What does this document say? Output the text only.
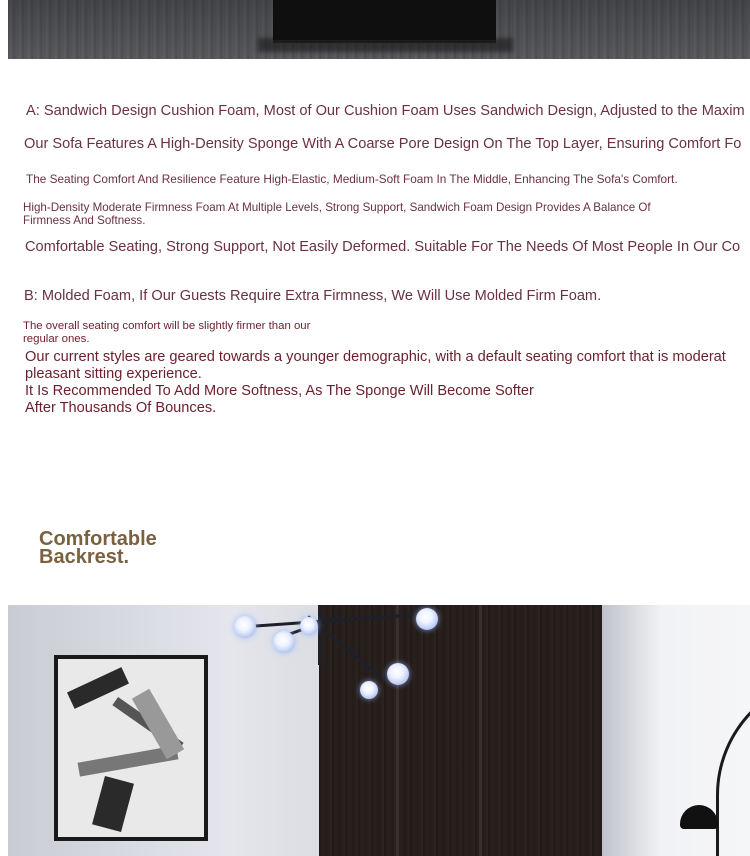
A: Sandwich Design Cushion Foam, Most of Our Cushion Foam Uses Sandwich Design, Adjusted to the Maxim

Our Sofa Features A High-Density Sponge With A Coarse Pore Design On The Top Layer, Ensuring Comfort Fo

The Seating Comfort And Resilience Feature High-Elastic, Medium-Soft Foam In The Middle, Enhancing The Sofa's Comfort.

High-Density Moderate Firmness Foam At Multiple Levels, Strong Support, Sandwich Foam Design Provides A Balance Of Firmness And Softness.

Comfortable Seating, Strong Support, Not Easily Deformed. Suitable For The Needs Of Most People In Our Co

B: Molded Foam, If Our Guests Require Extra Firmness, We Will Use Molded Firm Foam.

The overall seating comfort will be slightly firmer than our regular ones.

Our current styles are geared towards a younger demographic, with a default seating comfort that is moderat
pleasant sitting experience.

It Is Recommended To Add More Softness, As The Sponge Will Become Softer After Thousands Of Bounces.

Comfortable Backrest.
